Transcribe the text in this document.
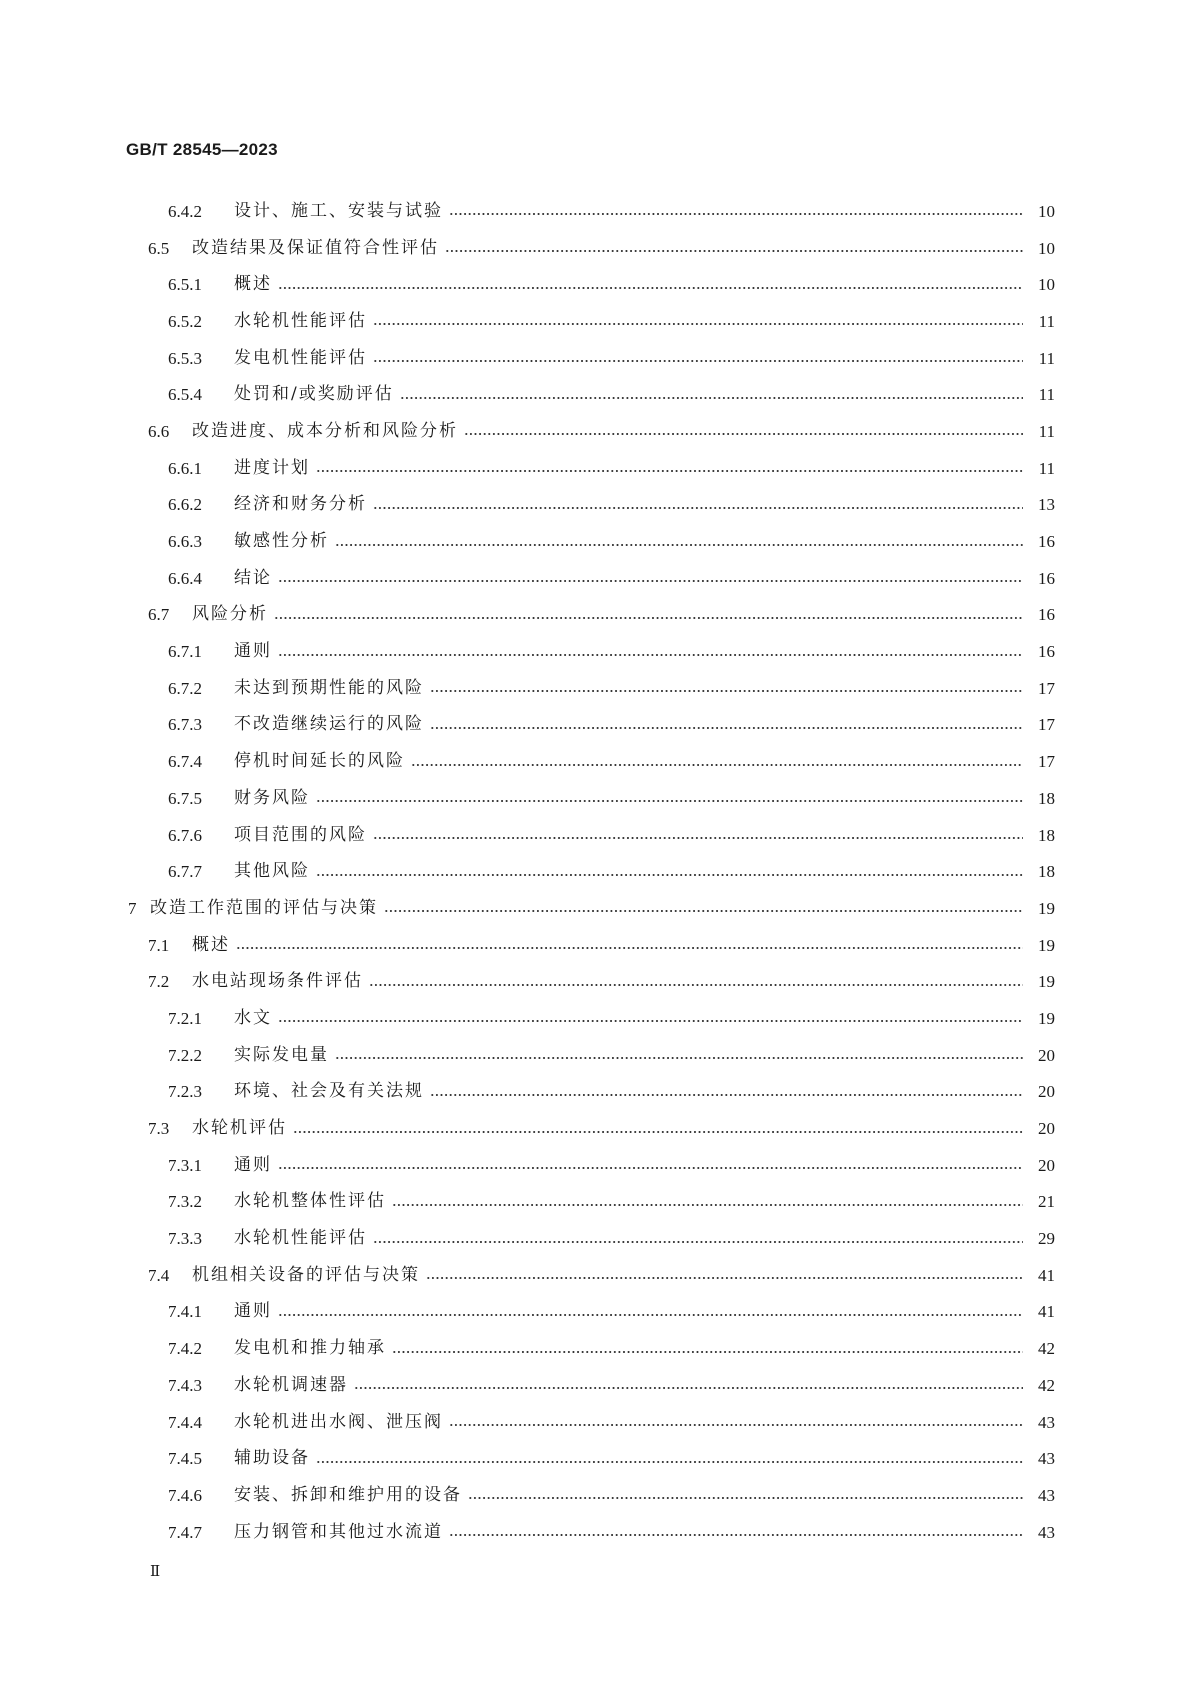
GB/T 28545—2023
6.4.2	设计、施工、安装与试验	10
6.5	改造结果及保证值符合性评估	10
6.5.1	概述	10
6.5.2	水轮机性能评估	11
6.5.3	发电机性能评估	11
6.5.4	处罚和/或奖励评估	11
6.6	改造进度、成本分析和风险分析	11
6.6.1	进度计划	11
6.6.2	经济和财务分析	13
6.6.3	敏感性分析	16
6.6.4	结论	16
6.7	风险分析	16
6.7.1	通则	16
6.7.2	未达到预期性能的风险	17
6.7.3	不改造继续运行的风险	17
6.7.4	停机时间延长的风险	17
6.7.5	财务风险	18
6.7.6	项目范围的风险	18
6.7.7	其他风险	18
7 改造工作范围的评估与决策	19
7.1	概述	19
7.2	水电站现场条件评估	19
7.2.1	水文	19
7.2.2	实际发电量	20
7.2.3	环境、社会及有关法规	20
7.3	水轮机评估	20
7.3.1	通则	20
7.3.2	水轮机整体性评估	21
7.3.3	水轮机性能评估	29
7.4	机组相关设备的评估与决策	41
7.4.1	通则	41
7.4.2	发电机和推力轴承	42
7.4.3	水轮机调速器	42
7.4.4	水轮机进出水阀、泄压阀	43
7.4.5	辅助设备	43
7.4.6	安装、拆卸和维护用的设备	43
7.4.7	压力钢管和其他过水流道	43
Ⅱ
